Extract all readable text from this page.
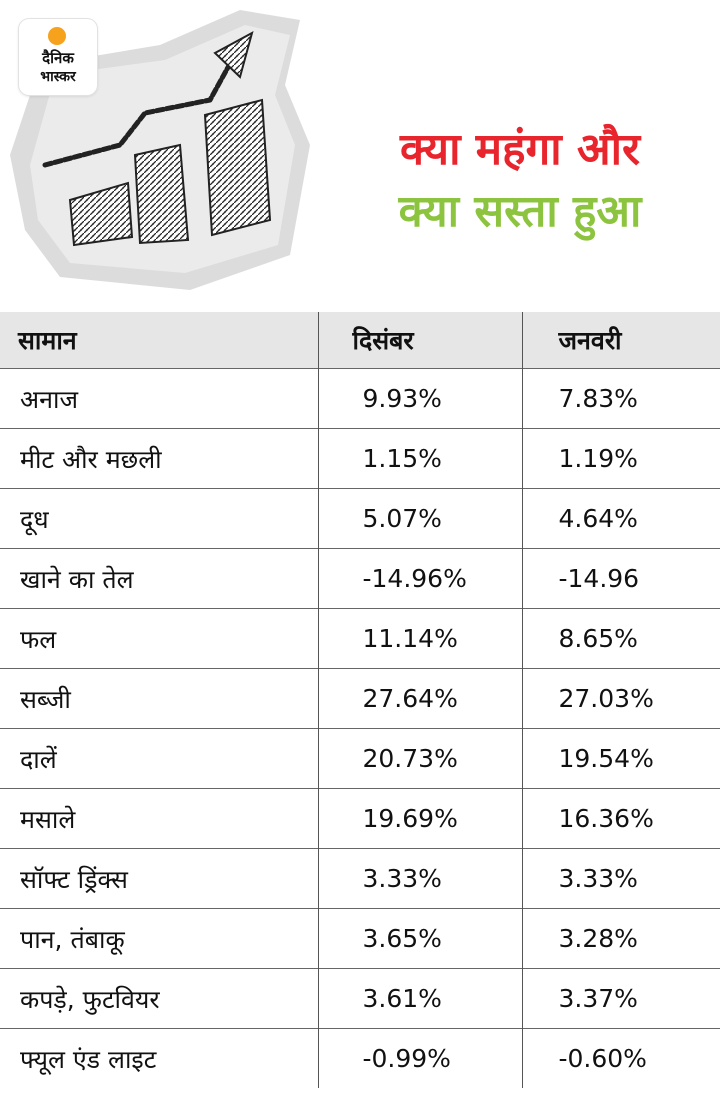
दैनिक
भास्कर
क्या महंगा और
क्या सस्ता हुआ
सामान	दिसंबर	जनवरी
अनाज	9.93%	7.83%
मीट और मछली	1.15%	1.19%
दूध	5.07%	4.64%
खाने का तेल	-14.96%	-14.96
फल	11.14%	8.65%
सब्जी	27.64%	27.03%
दालें	20.73%	19.54%
मसाले	19.69%	16.36%
सॉफ्ट ड्रिंक्स	3.33%	3.33%
पान, तंबाकू	3.65%	3.28%
कपड़े, फुटवियर	3.61%	3.37%
फ्यूल एंड लाइट	-0.99%	-0.60%
